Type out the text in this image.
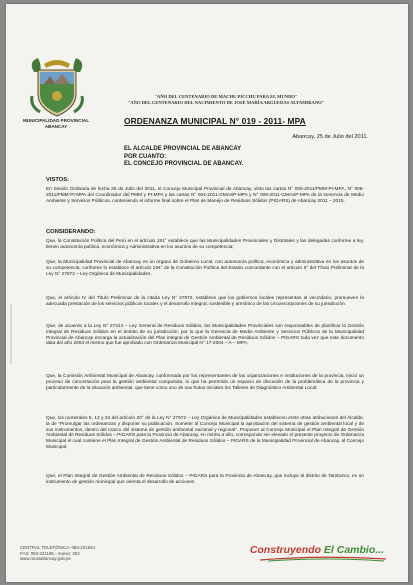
MUNICIPALIDAD PROVINCIAL ABANCAY
"AÑO DEL CENTENARIO DE MACHU PICCHU PARA EL MUNDO"
"AÑO DEL CENTENARIO DEL NACIMIENTO DE JOSÉ MARÍA ARGUEDAS ALTAMIRANO"
ORDENANZA MUNICIPAL N° 019 - 2011- MPA
Abancay, 25 de Julio del 2011.
EL ALCALDE PROVINCIAL DE ABANCAY
POR CUANTO:
EL CONCEJO PROVINCIAL DE ABANCAY.
VISTOS:
En Sesión Ordinaria de fecha 25 de Julio del 2011, el Concejo Municipal Provincial de Abancay, visto las cartas N° 005-2011/PMM-PI-MPA, N° 006-2011/PMM-PI-MPA del Coordinador del PMM y PI-MPA y las cartas N° 004-2011-GMASP-MPA y N° 009-2011-GMASP-MPA de la Gerencia de Medio Ambiente y Servicios Públicos, conteniendo el informe final sobre el Plan de Manejo de Residuos Sólidos (PIGARS) de Abancay 2011 – 2015.
CONSIDERANDO:
Que, la Constitución Política del Perú en el artículo 191° establece que las Municipalidades Provinciales y Distritales y las delegadas conforme a ley, tienen autonomía política, económica y Administrativa en los asuntos de su competencia;
Que, la Municipalidad Provincial de Abancay es un órgano de Gobierno Local, con autonomía política, económica y administrativa en los asuntos de su competencia, conforme lo establece el artículo 194° de la Constitución Política del Estado concordante con el artículo II° del Título Preliminar de la Ley N° 27972 – Ley Orgánica de Municipalidades.
Que, el artículo IV del Título Preliminar de la citada Ley N° 27972, establece que los gobiernos locales representan al vecindario, promueven la adecuada prestación de los servicios públicos locales y el desarrollo integral, sostenible y armónico de las circunscripciones de su jurisdicción.
Que, de acuerdo a la Ley N° 27314 – Ley General de Residuos Sólidos, las Municipalidades Provinciales son responsables de planificar la Gestión Integral de Residuos Sólidos en el ámbito de su jurisdicción; por lo que la Gerencia de Medio Ambiente y Servicios Públicos de la Municipalidad Provincial de Abancay encarga la actualización del Plan integral de Gestión Ambiental de Residuos Sólidos – PIGARS toda vez que este documento data del año 2004 el mismo que fue aprobado con Ordenanza Municipal N° 17-2004 – A – MPA;
Que, la Comisión Ambiental Municipal de Abancay, conformada por los representantes de las organizaciones e instituciones de la provincia, inició un proceso de concertación para la gestión ambiental compartida, lo que ha permitido un espacio de discusión de la problemática de la provincia y particularmente de la situación ambiental, que tiene como uno de sus frutos iniciales los Talleres de Diagnóstico Ambiental Local;
Que, los numerales 5, 13 y 34 del artículo 20° de la Ley N° 27972 – Ley Orgánica de Municipalidades establecen entre otras atribuciones del Alcalde, la de "Promulgar las ordenanzas y disponer su publicación. Someter al Concejo Municipal la aprobación del sistema de gestión ambiental local y de sus instrumentos, dentro del marco del sistema de gestión ambiental nacional y regional". Proponer al Concejo Municipal el Plan Integral de Gestión Ambiental de Residuos Sólidos – PIGARS para la Provincia de Abancay, en mérito a ello, corresponde ser elevado el presente proyecto de Ordenanza Municipal el cual contiene el Plan Integral de Gestión Ambiental de Residuos Sólidos – PIGARS de la Municipalidad Provincial de Abancay, al Concejo Municipal;
Que, el Plan Integral de Gestión Ambiental de Residuos Sólidos – PIGARS para la Provincia de Abancay, que incluye al distrito de Tamburco, es un instrumento de gestión municipal que orienta el desarrollo de acciones
CENTRAL TELEFÓNICA: 083-321544
FAX: 083-321195 - Anexo: 302
www.muniabancay.gob.pe
Construyendo El Cambio...
